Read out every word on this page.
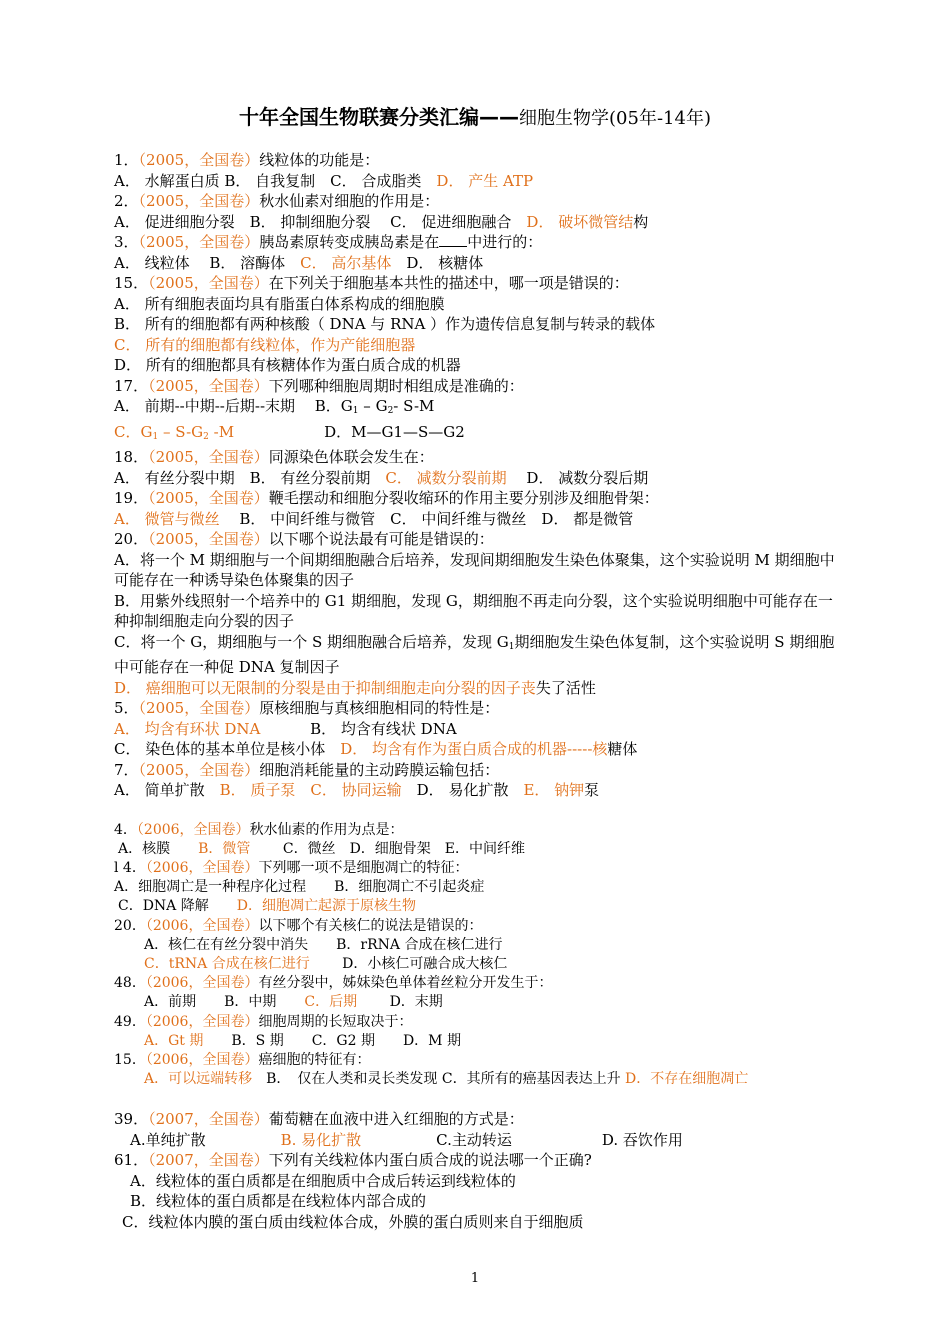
十年全国生物联赛分类汇编——细胞生物学(05年-14年)
1．（2005，全国卷）线粒体的功能是：
A． 水解蛋白质 B． 自我复制　C． 合成脂类　D． 产生 ATP
2．（2005，全国卷）秋水仙素对细胞的作用是：
A． 促进细胞分裂　B． 抑制细胞分裂　 C． 促进细胞融合　D． 破坏微管结构
3．（2005，全国卷）胰岛素原转变成胰岛素是在 中进行的：
A． 线粒体　 B． 溶酶体　C． 高尔基体　D． 核糖体
15．（2005，全国卷）在下列关于细胞基本共性的描述中，哪一项是错误的：
A． 所有细胞表面均具有脂蛋白体系构成的细胞膜
B． 所有的细胞都有两种核酸（ DNA 与 RNA ）作为遗传信息复制与转录的载体
C． 所有的细胞都有线粒体，作为产能细胞器
D． 所有的细胞都具有核糖体作为蛋白质合成的机器
17．（2005，全国卷）下列哪种细胞周期时相组成是准确的：
A． 前期--中期--后期--末期　 B．$G_1 - G_2-$ S-M
C．$G_1 - S-G_2$ -M　　　　　　D．M—G1—S—G2
18．（2005，全国卷）同源染色体联会发生在：
A． 有丝分裂中期　B． 有丝分裂前期　C． 减数分裂前期　 D． 减数分裂后期
19．（2005，全国卷）鞭毛摆动和细胞分裂收缩环的作用主要分别涉及细胞骨架：
A． 微管与微丝　 B． 中间纤维与微管　C． 中间纤维与微丝　D． 都是微管
20．（2005，全国卷）以下哪个说法最有可能是错误的：
A．将一个 M 期细胞与一个间期细胞融合后培养，发现间期细胞发生染色体聚集，这个实验说明 M 期细胞中可能存在一种诱导染色体聚集的因子
B．用紫外线照射一个培养中的 G1 期细胞，发现 G，期细胞不再走向分裂，这个实验说明细胞中可能存在一种抑制细胞走向分裂的因子
C．将一个 G，期细胞与一个 S 期细胞融合后培养，发现 $G_1$期细胞发生染色体复制，这个实验说明 S 期细胞中可能存在一种促 DNA 复制因子
D． 癌细胞可以无限制的分裂是由于抑制细胞走向分裂的因子丧失了活性
5．（2005，全国卷）原核细胞与真核细胞相同的特性是：
A． 均含有环状 DNA　　　 B． 均含有线状 DNA
C． 染色体的基本单位是核小体　D． 均含有作为蛋白质合成的机器-----核糖体
7．（2005，全国卷）细胞消耗能量的主动跨膜运输包括：
A． 简单扩散　B． 质子泵　C． 协同运输　D． 易化扩散　E． 钠钾泵
4．（2006，全国卷）秋水仙素的作用为点是：
A．核膜　　B．微管　　 C．微丝　D．细胞骨架　E．中间纤维
l 4．（2006，全国卷）下列哪一项不是细胞凋亡的特征：
A．细胞凋亡是一种程序化过程　　B．细胞凋亡不引起炎症
C．DNA 降解　　D．细胞凋亡起源于原核生物
20．（2006，全国卷）以下哪个有关核仁的说法是错误的：
A．核仁在有丝分裂中消失　　B．rRNA 合成在核仁进行
C．tRNA 合成在核仁进行　　 D．小核仁可融合成大核仁
48．（2006，全国卷）有丝分裂中，姊妹染色单体着丝粒分开发生于：
A．前期　　B．中期　　C．后期　　 D．末期
49．（2006，全国卷）细胞周期的长短取决于：
A．Gt 期　　B．S 期　　C．G2 期　　D．M 期
15．（2006，全国卷）癌细胞的特征有：
A．可以远端转移　B．　仅在人类和灵长类发现 C．其所有的癌基因表达上升 D．不存在细胞凋亡
39．（2007，全国卷）葡萄糖在血液中进入红细胞的方式是：
A.单纯扩散　　　　　B. 易化扩散　　　　　C.主动转运　　　　　　D. 吞饮作用
61．（2007，全国卷）下列有关线粒体内蛋白质合成的说法哪一个正确?
A．线粒体的蛋白质都是在细胞质中合成后转运到线粒体的
B．线粒体的蛋白质都是在线粒体内部合成的
C．线粒体内膜的蛋白质由线粒体合成，外膜的蛋白质则来自于细胞质
1
